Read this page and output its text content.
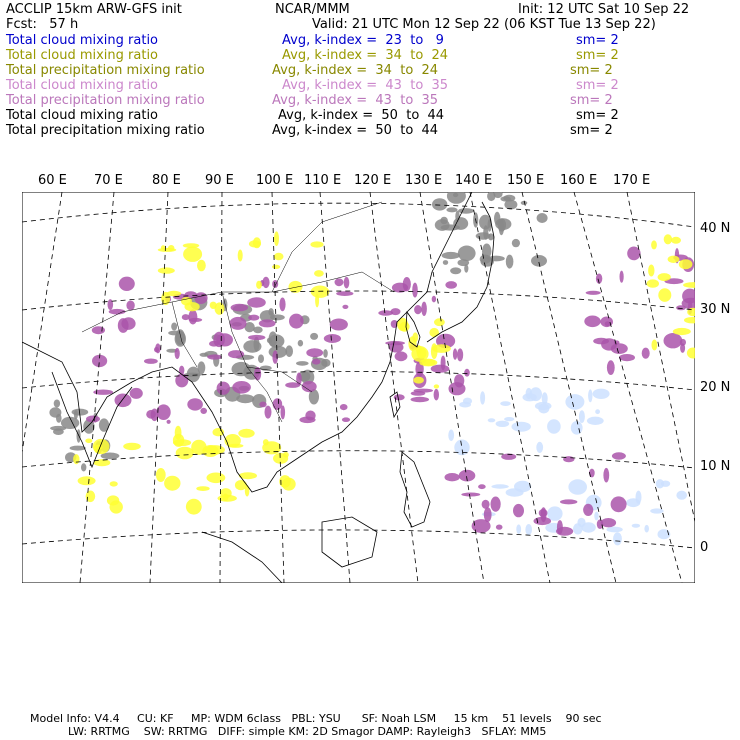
ACCLIP 15km ARW-GFS init	NCAR/MMM	Init: 12 UTC Sat 10 Sep 22
Fcst:   57 h	Valid: 21 UTC Mon 12 Sep 22 (06 KST Tue 13 Sep 22)
Total cloud mixing ratio	Avg, k-index =  23  to   9	sm= 2
Total cloud mixing ratio	Avg, k-index =  34  to  24	sm= 2
Total precipitation mixing ratio	Avg, k-index =  34  to  24	sm= 2
Total cloud mixing ratio	Avg, k-index =  43  to  35	sm= 2
Total precipitation mixing ratio	Avg, k-index =  43  to  35	sm= 2
Total cloud mixing ratio	Avg, k-index =  50  to  44	sm= 2
Total precipitation mixing ratio	Avg, k-index =  50  to  44	sm= 2
60 E 70 E 80 E 90 E 100 E 110 E 120 E 130 E 140 E 150 E 160 E 170 E
40 N
30 N
20 N
10 N
0
Model Info: V4.4     CU: KF     MP: WDM 6class   PBL: YSU      SF: Noah LSM     15 km    51 levels    90 sec
LW: RRTMG    SW: RRTMG   DIFF: simple KM: 2D Smagor DAMP: Rayleigh3   SFLAY: MM5
